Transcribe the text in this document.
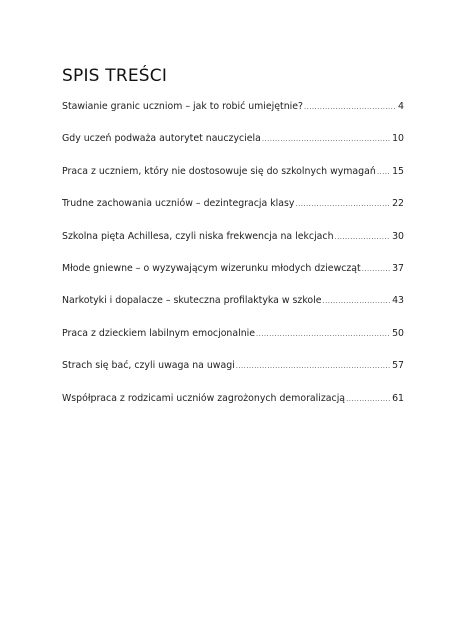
SPIS TREŚCI
Stawianie granic uczniom – jak to robić umiejętnie? .....	4
Gdy uczeń podważa autorytet nauczyciela .....	10
Praca z uczniem, który nie dostosowuje się do szkolnych wymagań ..... 15
Trudne zachowania uczniów – dezintegracja klasy .....	22
Szkolna pięta Achillesa, czyli niska frekwencja na lekcjach .....	30
Młode gniewne – o wyzywającym wizerunku młodych dziewcząt .....	37
Narkotyki i dopalacze – skuteczna profilaktyka w szkole .....	43
Praca z dzieckiem labilnym emocjonalnie .....	50
Strach się bać, czyli uwaga na uwagi .....	57
Współpraca z rodzicami uczniów zagrożonych demoralizacją .....	61
